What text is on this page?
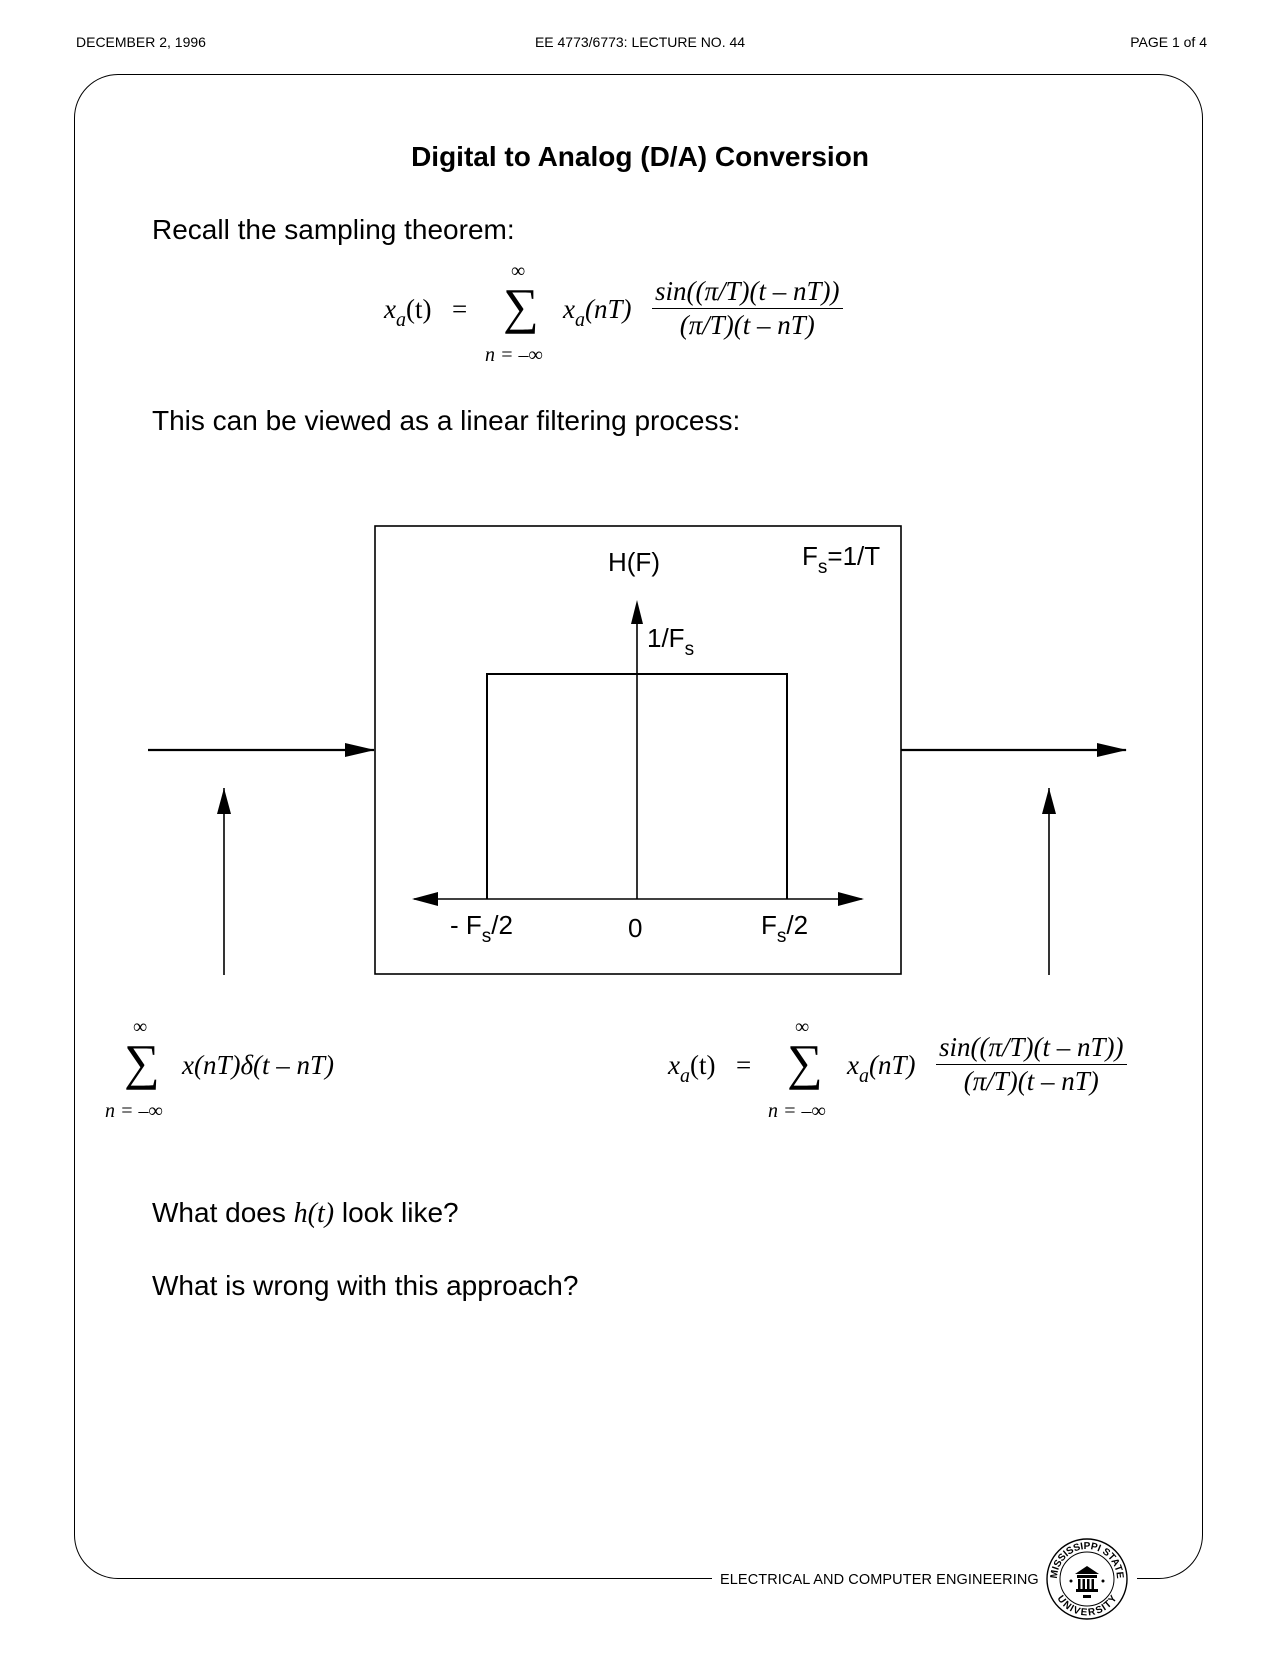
DECEMBER 2, 1996	EE 4773/6773: LECTURE NO. 44	PAGE 1 of 4
Digital to Analog (D/A) Conversion
Recall the sampling theorem:
$x_a(t)$ =
∞
∑
n = –∞
$x_a(nT) \frac{\sin((\pi/T)(t - nT))}{(\pi/T)(t - nT)}$
This can be viewed as a linear filtering process:
H(F)	$F_s=1/T$
$1/F_s$
- $F_s/2$	0	$F_s/2$
∞
∑
n = –∞
x(nT)δ(t – nT)	$x_a(t)$ =
∞
∑
n = –∞
$x_a(nT) \frac{\sin((\pi/T)(t - nT))}{(\pi/T)(t - nT)}$
What does h(t) look like?
What is wrong with this approach?
ELECTRICAL AND COMPUTER ENGINEERING MISSISSIPPI STATE
UNIVERSITY
